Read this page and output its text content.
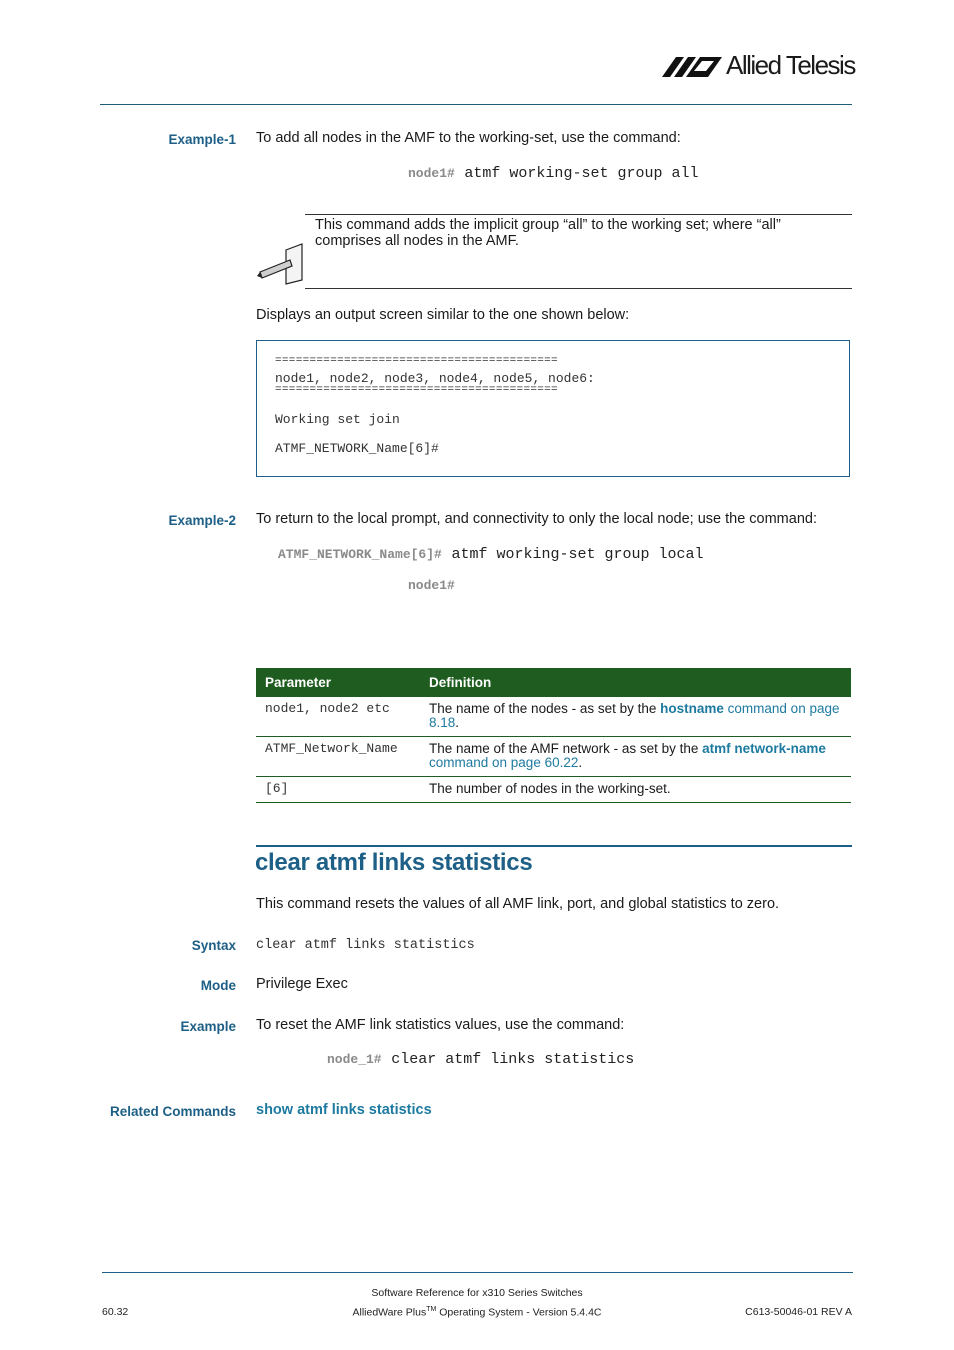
Allied Telesis
Example-1 To add all nodes in the AMF to the working-set, use the command:
node1# atmf working-set group all
This command adds the implicit group “all” to the working set; where “all”
comprises all nodes in the AMF.
Displays an output screen similar to the one shown below:
=========================================
node1, node2, node3, node4, node5, node6:
=========================================
Working set join
ATMF_NETWORK_Name[6]#
Example-2 To return to the local prompt, and connectivity to only the local node; use the command:
ATMF_NETWORK_Name[6]# atmf working-set group local
node1#
Parameter	Definition
node1, node2 etc	The name of the nodes - as set by the hostname command on page
8.18.
ATMF_Network_Name	The name of the AMF network - as set by the atmf network-name
command on page 60.22.
[6]	The number of nodes in the working-set.
clear atmf links statistics
This command resets the values of all AMF link, port, and global statistics to zero.
Syntax clear atmf links statistics
Mode Privilege Exec
Example To reset the AMF link statistics values, use the command:
node_1# clear atmf links statistics
Related Commands show atmf links statistics
Software Reference for x310 Series Switches
60.32	AlliedWare Plus™ Operating System - Version 5.4.4C	C613-50046-01 REV A
